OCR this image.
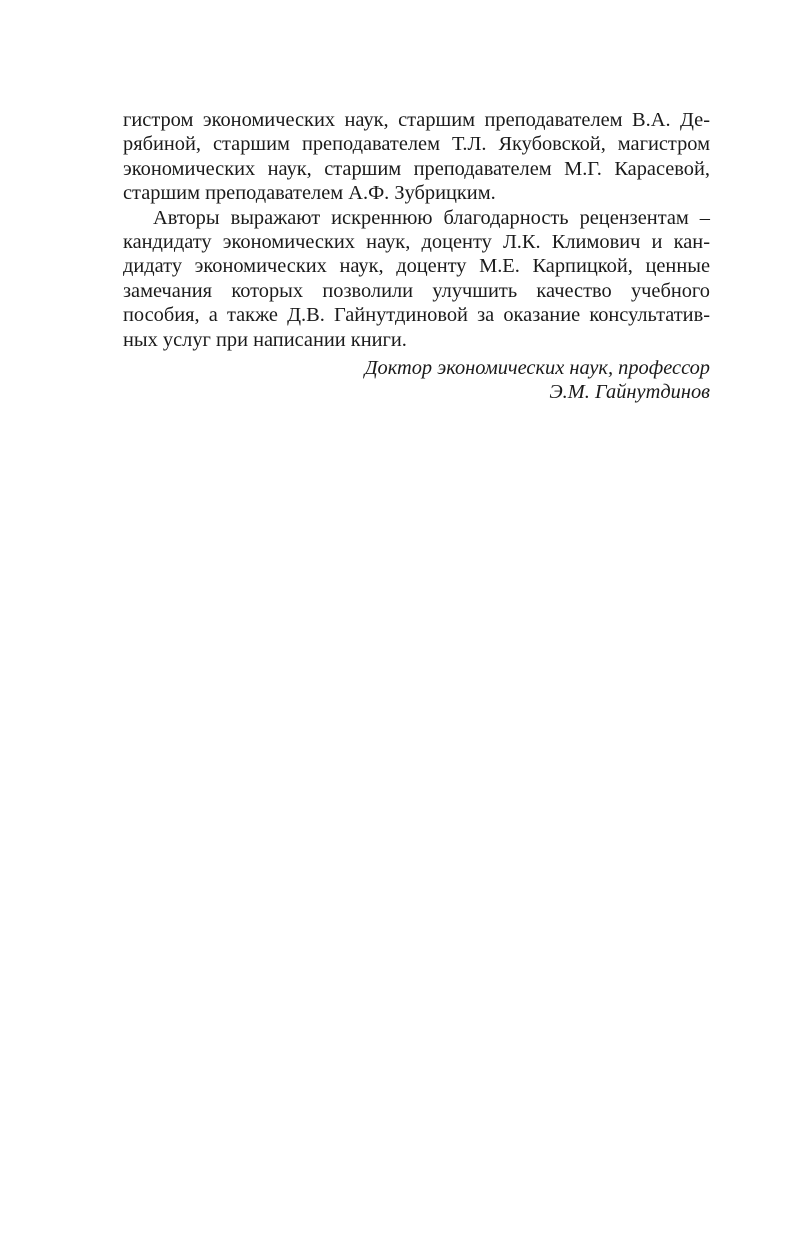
гистром экономических наук, старшим преподавателем В.А. Де-
рябиной, старшим преподавателем Т.Л. Якубовской, магистром
экономических наук, старшим преподавателем М.Г. Карасевой,
старшим преподавателем А.Ф. Зубрицким.
Авторы выражают искреннюю благодарность рецензентам –
кандидату экономических наук, доценту Л.К. Климович и кан-
дидату экономических наук, доценту М.Е. Карпицкой, ценные
замечания которых позволили улучшить качество учебного
пособия, а также Д.В. Гайнутдиновой за оказание консультатив-
ных услуг при написании книги.
Доктор экономических наук, профессор
Э.М. Гайнутдинов
